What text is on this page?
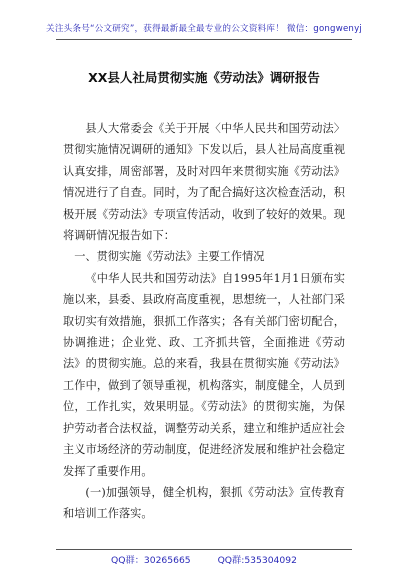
关注头条号“公文研究”，获得最新最全最专业的公文资料库！ 微信：gongwenyj
XX县人社局贯彻实施《劳动法》调研报告

县人大常委会《关于开展〈中华人民共和国劳动法〉贯彻实施情况调研的通知》下发以后，县人社局高度重视认真安排，周密部署，及时对四年来贯彻实施《劳动法》情况进行了自查。同时，为了配合搞好这次检查活动，积极开展《劳动法》专项宣传活动，收到了较好的效果。现将调研情况报告如下：

一、贯彻实施《劳动法》主要工作情况

《中华人民共和国劳动法》自1995年1月1日颁布实施以来，县委、县政府高度重视，思想统一，人社部门采取切实有效措施，狠抓工作落实；各有关部门密切配合，协调推进；企业党、政、工齐抓共管，全面推进《劳动法》的贯彻实施。总的来看，我县在贯彻实施《劳动法》工作中，做到了领导重视，机构落实，制度健全，人员到位，工作扎实，效果明显。《劳动法》的贯彻实施，为保护劳动者合法权益，调整劳动关系，建立和维护适应社会主义市场经济的劳动制度，促进经济发展和维护社会稳定发挥了重要作用。

(一)加强领导，健全机构，狠抓《劳动法》宣传教育和培训工作落实。

QQ群：30265665	QQ群:535304092
